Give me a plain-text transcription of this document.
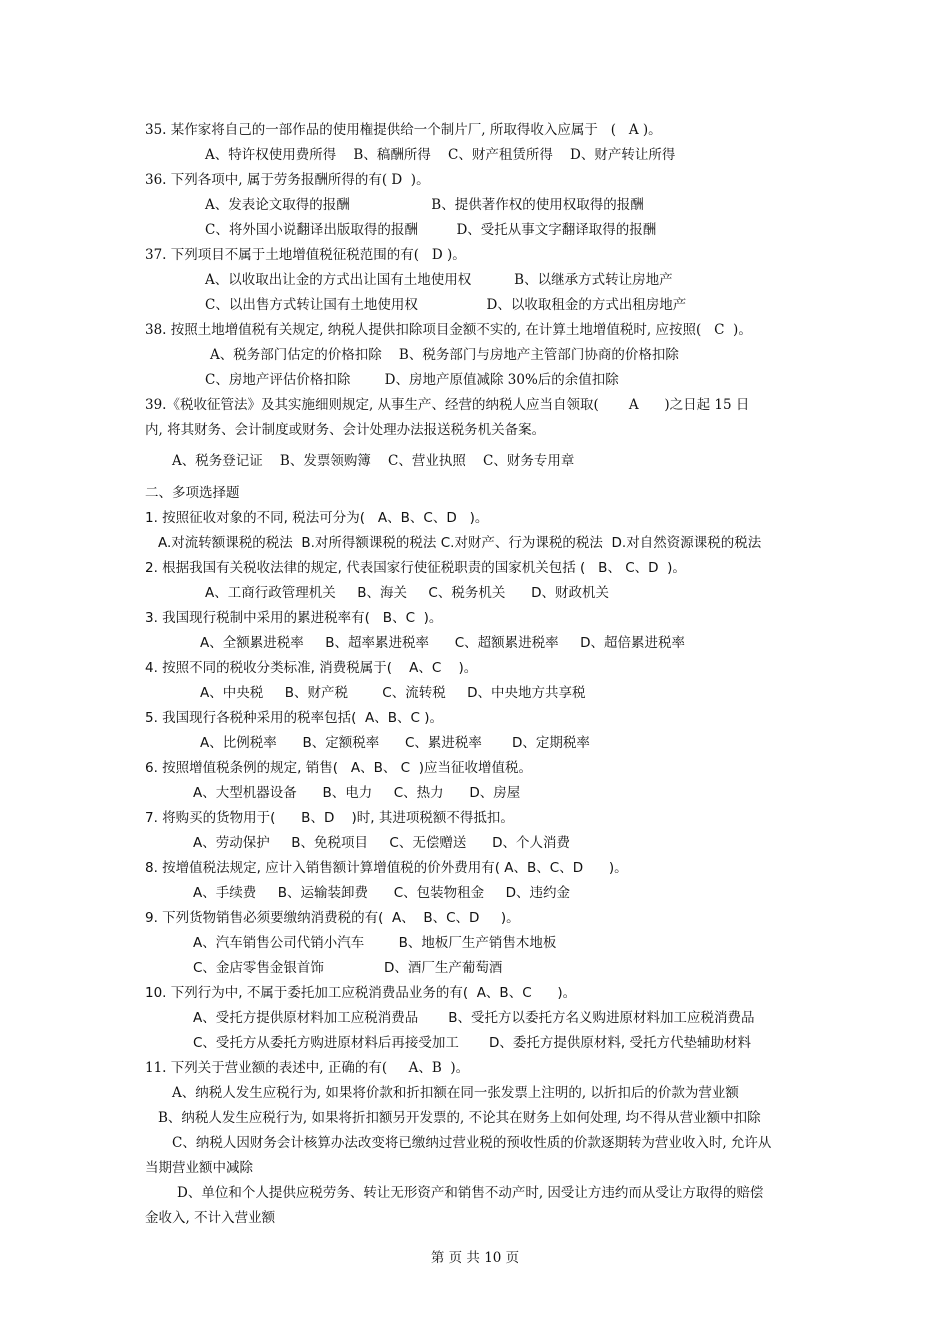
35. 某作家将自己的一部作品的使用権提供给一个制片厂, 所取得收入应属于   (   A )。
A、特许权使用费所得    B、稿酬所得    C、财产租赁所得    D、财产转让所得
36. 下列各项中, 属于劳务报酬所得的有( D  )。
A、发表论文取得的报酬                   B、提供著作权的使用权取得的报酬
C、将外国小说翻译出版取得的报酬         D、受托从事文字翻译取得的报酬
37. 下列项目不属于土地增值税征税范围的有(   D )。
A、以收取出让金的方式出让国有土地使用权          B、以继承方式转让房地产
C、以出售方式转让国有土地使用权                D、以收取租金的方式出租房地产
38. 按照土地增值税有关规定, 纳税人提供扣除项目金额不实的, 在计算土地增值税时, 应按照(   C  )。
A、税务部门估定的价格扣除    B、税务部门与房地产主管部门协商的价格扣除
C、房地产评估价格扣除        D、房地产原值减除 30%后的余值扣除
39.《税收征管法》及其实施细则规定, 从事生产、经营的纳税人应当自领取(       A      )之日起 15 日
内, 将其财务、会计制度或财务、会计处理办法报送税务机关备案。
A、税务登记证    B、发票领购簿    C、营业执照    C、财务专用章
二、多项选择题
1. 按照征收对象的不同, 税法可分为(   A、B、C、D   )。
A.对流转额课税的税法  B.对所得额课税的税法 C.对财产、行为课税的税法  D.对自然资源课税的税法
2. 根据我国有关税收法律的规定, 代表国家行使征税职责的国家机关包括 (   B、 C、D  )。
A、工商行政管理机关     B、海关     C、税务机关      D、财政机关
3. 我国现行税制中采用的累进税率有(   B、C  )。
A、全额累进税率     B、超率累进税率      C、超额累进税率     D、超倍累进税率
4. 按照不同的税收分类标准, 消费税属于(    A、C    )。
A、中央税     B、财产税        C、流转税     D、中央地方共享税
5. 我国现行各税种采用的税率包括(  A、B、C )。
A、比例税率      B、定额税率      C、累进税率       D、定期税率
6. 按照增值税条例的规定, 销售(   A、B、 C  )应当征收增值税。
A、大型机器设备      B、电力     C、热力      D、房屋
7. 将购买的货物用于(      B、D    )时, 其进项税额不得抵扣。
A、劳动保护     B、免税项目     C、无偿赠送      D、个人消费
8. 按增值税法规定, 应计入销售额计算增值税的价外费用有( A、B、C、D      )。
A、手续费     B、运输装卸费      C、包装物租金     D、违约金
9. 下列货物销售必须要缴纳消费税的有(  A、  B、C、D     )。
A、汽车销售公司代销小汽车        B、地板厂生产销售木地板
C、金店零售金银首饰              D、酒厂生产葡萄酒
10. 下列行为中, 不属于委托加工应税消费品业务的有(  A、B、C      )。
A、受托方提供原材料加工应税消费品       B、受托方以委托方名义购进原材料加工应税消费品
C、受托方从委托方购进原材料后再接受加工       D、委托方提供原材料, 受托方代垫辅助材料
11. 下列关于营业额的表述中, 正确的有(     A、B  )。
A、纳税人发生应税行为, 如果将价款和折扣额在同一张发票上注明的, 以折扣后的价款为营业额
B、纳税人发生应税行为, 如果将折扣额另开发票的, 不论其在财务上如何处理, 均不得从营业额中扣除
C、纳税人因财务会计核算办法改变将已缴纳过营业税的预收性质的价款逐期转为营业收入时, 允许从
当期营业额中减除
D、单位和个人提供应税劳务、转让无形资产和销售不动产时, 因受让方违约而从受让方取得的赔偿
金收入, 不计入营业额
第 页 共 10 页
